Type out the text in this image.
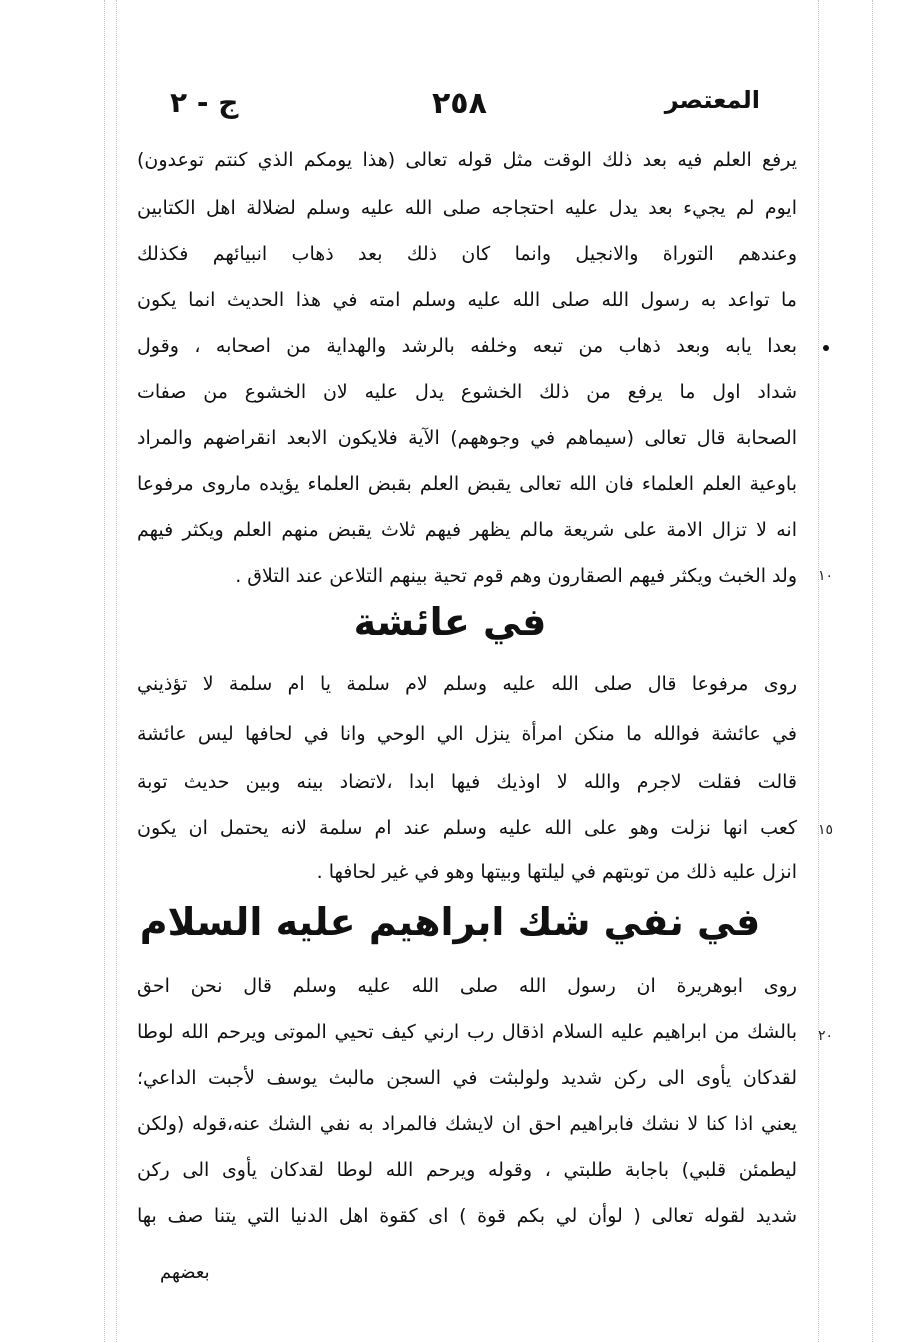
المعتصر
٢٥٨
ج - ٢
يرفع العلم فيه بعد ذلك الوقت مثل قوله تعالى (هذا يومكم الذي كنتم توعدون)
ايوم لم يجيء بعد يدل عليه احتجاجه صلى الله عليه وسلم لضلالة اهل الكتابين
وعندهم التوراة والانجيل وانما كان ذلك بعد ذهاب انبيائهم فكذلك
ما تواعد به رسول الله صلى الله عليه وسلم امته في هذا الحديث انما يكون
بعدا يابه وبعد ذهاب من تبعه وخلفه بالرشد والهداية من اصحابه ، وقول
شداد اول ما يرفع من ذلك الخشوع يدل عليه لان الخشوع من صفات
الصحابة قال تعالى (سيماهم في وجوههم) الآية فلايكون الابعد انقراضهم والمراد
باوعية العلم العلماء فان الله تعالى يقبض العلم بقبض العلماء يؤيده ماروى مرفوعا
انه لا تزال الامة على شريعة مالم يظهر فيهم ثلاث يقبض منهم العلم ويكثر فيهم
ولد الخبث ويكثر فيهم الصقارون وهم قوم تحية بينهم التلاعن عند التلاق . ١٠
في عائشة
روى مرفوعا قال صلى الله عليه وسلم لام سلمة يا ام سلمة لا تؤذيني
في عائشة فوالله ما منكن امرأة ينزل الي الوحي وانا في لحافها ليس عائشة
قالت فقلت لاجرم والله لا اوذيك فيها ابدا ،لاتضاد بينه وبين حديث توبة
كعب انها نزلت وهو على الله عليه وسلم عند ام سلمة لانه يحتمل ان يكون
انزل عليه ذلك من توبتهم في ليلتها وبيتها وهو في غير لحافها .
١٥
في نفي شك ابراهيم عليه السلام
روى ابوهريرة ان رسول الله صلى الله عليه وسلم قال نحن احق
بالشك من ابراهيم عليه السلام اذقال رب ارني كيف تحيي الموتى ويرحم الله لوطا
لقدكان يأوى الى ركن شديد ولولبثت في السجن مالبث يوسف لأجبت الداعي؛
يعني اذا كنا لا نشك فابراهيم احق ان لايشك فالمراد به نفي الشك عنه،قوله (ولكن
ليطمئن قلبي) باجابة طلبتي ، وقوله ويرحم الله لوطا لقدكان يأوى الى ركن
شديد لقوله تعالى ( لوأن لي بكم قوة ) اى كقوة اهل الدنيا التي يتنا صف بها
٢٠
بعضهم
